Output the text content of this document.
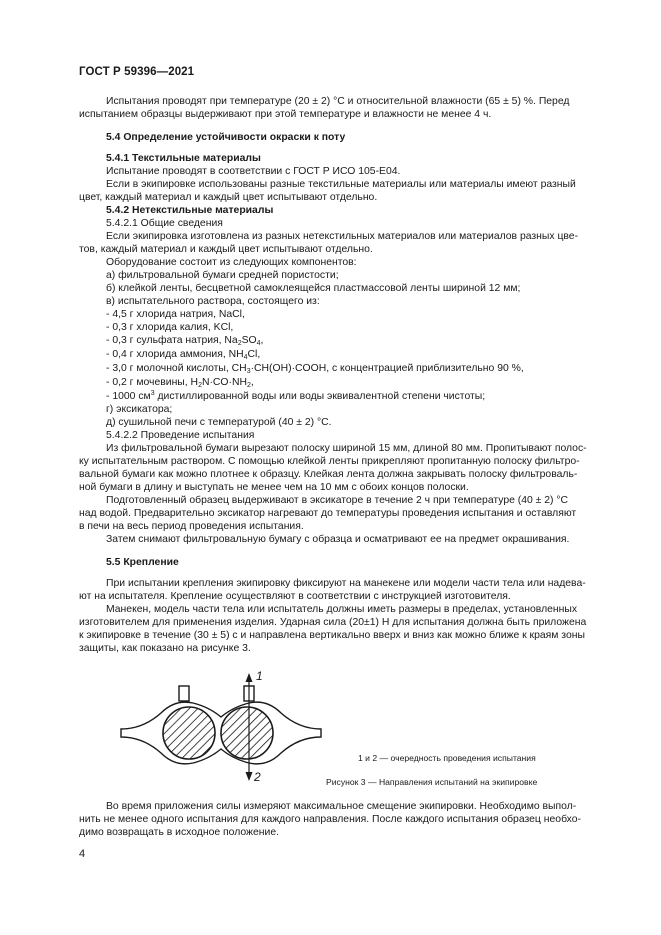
ГОСТ Р 59396—2021
Испытания проводят при температуре (20 ± 2) °С и относительной влажности (65 ± 5) %. Перед
испытанием образцы выдерживают при этой температуре и влажности не менее 4 ч.
5.4 Определение устойчивости окраски к поту
5.4.1 Текстильные материалы
Испытание проводят в соответствии с ГОСТ Р ИСО 105-E04.
Если в экипировке использованы разные текстильные материалы или материалы имеют разный
цвет, каждый материал и каждый цвет испытывают отдельно.
5.4.2 Нетекстильные материалы
5.4.2.1 Общие сведения
Если экипировка изготовлена из разных нетекстильных материалов или материалов разных цве-
тов, каждый материал и каждый цвет испытывают отдельно.
Оборудование состоит из следующих компонентов:
а) фильтровальной бумаги средней пористости;
б) клейкой ленты, бесцветной самоклеящейся пластмассовой ленты шириной 12 мм;
в) испытательного раствора, состоящего из:
- 4,5 г хлорида натрия, NaCl,
- 0,3 г хлорида калия, KCl,
- 0,3 г сульфата натрия, $Na_2SO_4$,
- 0,4 г хлорида аммония, $NH_4Cl$,
- 3,0 г молочной кислоты, $CH_3\cdot CH(OH)\cdot COOH$, с концентрацией приблизительно 90 %,
- 0,2 г мочевины, $H_2N\cdot CO\cdot NH_2$,
- 1000 $см^3$ дистиллированной воды или воды эквивалентной степени чистоты;
г) эксикатора;
д) сушильной печи с температурой (40 ± 2) °С.
5.4.2.2 Проведение испытания
Из фильтровальной бумаги вырезают полоску шириной 15 мм, длиной 80 мм. Пропитывают полос-
ку испытательным раствором. С помощью клейкой ленты прикрепляют пропитанную полоску фильтро-
вальной бумаги как можно плотнее к образцу. Клейкая лента должна закрывать полоску фильтроваль-
ной бумаги в длину и выступать не менее чем на 10 мм с обоих концов полоски.
Подготовленный образец выдерживают в эксикаторе в течение 2 ч при температуре (40 ± 2) °С
над водой. Предварительно эксикатор нагревают до температуры проведения испытания и оставляют
в печи на весь период проведения испытания.
Затем снимают фильтровальную бумагу с образца и осматривают ее на предмет окрашивания.
5.5 Крепление
При испытании крепления экипировку фиксируют на манекене или модели части тела или надева-
ют на испытателя. Крепление осуществляют в соответствии с инструкцией изготовителя.
Манекен, модель части тела или испытатель должны иметь размеры в пределах, установленных
изготовителем для применения изделия. Ударная сила (20±1) Н для испытания должна быть приложена
к экипировке в течение (30 ± 5) с и направлена вертикально вверх и вниз как можно ближе к краям зоны
защиты, как показано на рисунке 3.
1
2
1 и 2 — очередность проведения испытания
Рисунок 3 — Направления испытаний на экипировке
Во время приложения силы измеряют максимальное смещение экипировки. Необходимо выпол-
нить не менее одного испытания для каждого направления. После каждого испытания образец необхо-
димо возвращать в исходное положение.
4
